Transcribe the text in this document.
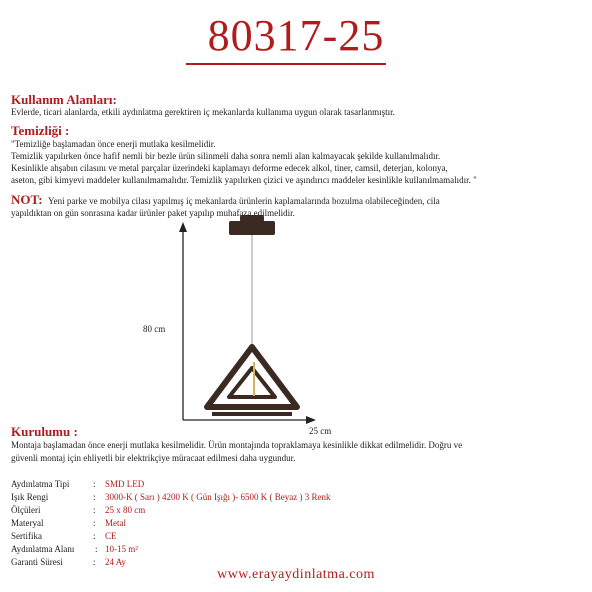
80317-25
80 cm
25 cm
Kullanım Alanları:
Evlerde, ticari alanlarda, etkili aydınlatma gerektiren iç mekanlarda kullanıma uygun olarak tasarlanmıştır.
Temizliği :
"Temizliğe başlamadan önce enerji mutlaka kesilmelidir.
Temizlik yapılırken önce hafif nemli bir bezle ürün silinmeli daha sonra nemli alan kalmayacak şekilde kullanılmalıdır.
Kesinlikle ahşabın cilasını ve metal parçalar üzerindeki kaplamayı deforme edecek alkol, tiner, camsil, deterjan, kolonya,
aseton, gibi kimyevi maddeler kullanılmamalıdır. Temizlik yapılırken çizici ve aşındırıcı maddeler kesinlikle kullanılmamalıdır. "
NOT: Yeni parke ve mobilya cilası yapılmış iç mekanlarda ürünlerin kaplamalarında bozulma olabileceğinden, cila
yapıldıktan on gün sonrasına kadar ürünler paket yapılıp muhafaza edilmelidir.
Kurulumu :
Montaja başlamadan önce enerji mutlaka kesilmelidir. Ürün montajında topraklamaya kesinlikle dikkat edilmelidir. Doğru ve
güvenli montaj için ehliyetli bir elektrikçiye müracaat edilmesi daha uygundur.
Aydınlatma Tipi	: SMD LED
Işık Rengi	: 3000-K ( Sarı ) 4200 K ( Gün Işığı )- 6500 K ( Beyaz ) 3 Renk
Ölçüleri	: 25 x 80 cm
Materyal	: Metal
Sertifika	: CE
Aydınlatma Alanı : 10-15 m²
Garanti Süresi	: 24 Ay
www.erayaydinlatma.com
